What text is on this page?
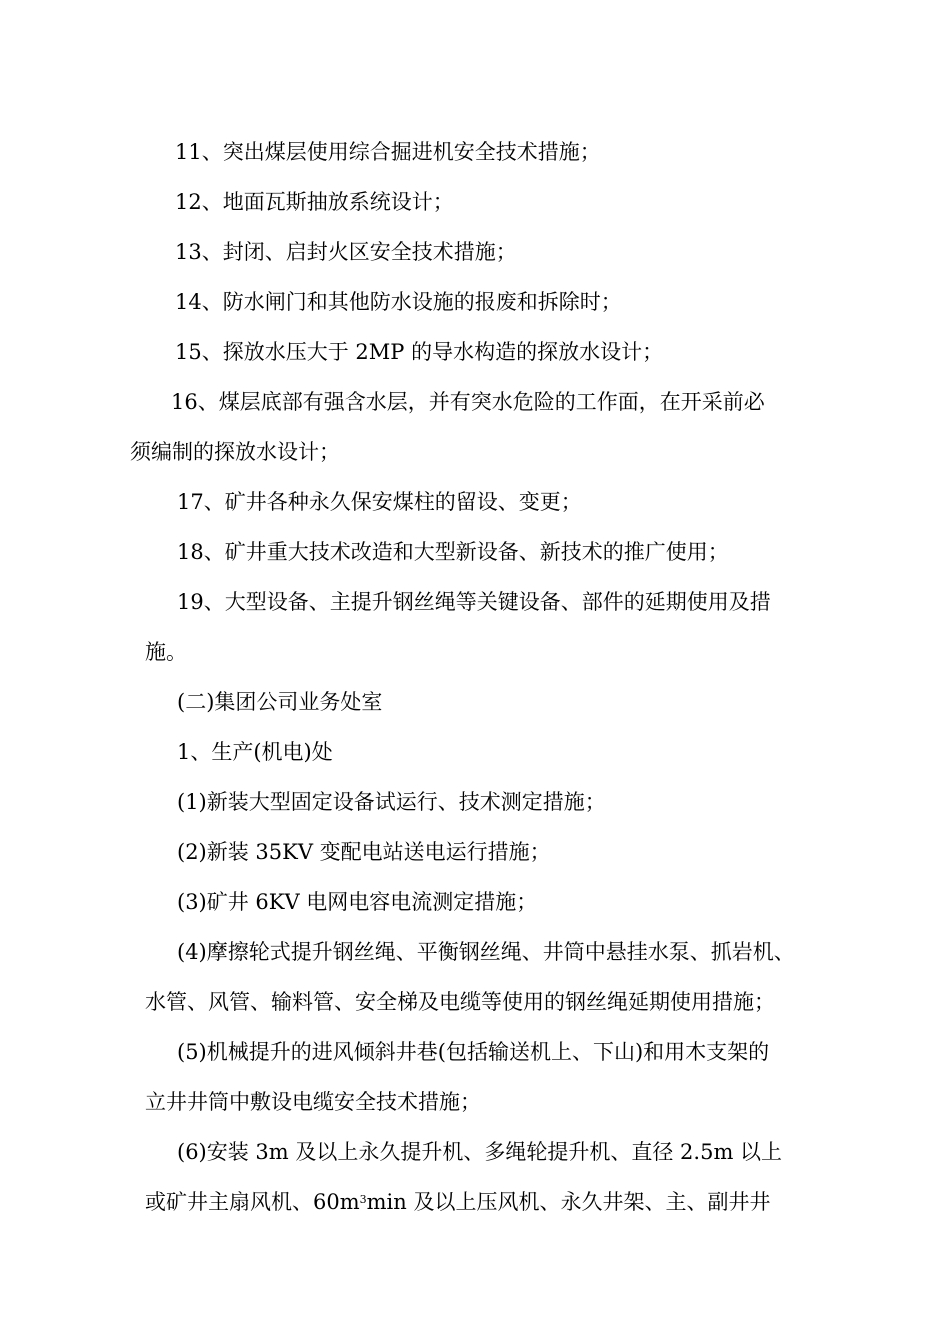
11、突出煤层使用综合掘进机安全技术措施；
12、地面瓦斯抽放系统设计；
13、封闭、启封火区安全技术措施；
14、防水闸门和其他防水设施的报废和拆除时；
15、探放水压大于 2MP 的导水构造的探放水设计；
16、煤层底部有强含水层，并有突水危险的工作面，在开采前必
须编制的探放水设计；
17、矿井各种永久保安煤柱的留设、变更；
18、矿井重大技术改造和大型新设备、新技术的推广使用；
19、大型设备、主提升钢丝绳等关键设备、部件的延期使用及措
施。
(二)集团公司业务处室
1、生产(机电)处
(1)新装大型固定设备试运行、技术测定措施；
(2)新装 35KV 变配电站送电运行措施；
(3)矿井 6KV 电网电容电流测定措施；
(4)摩擦轮式提升钢丝绳、平衡钢丝绳、井筒中悬挂水泵、抓岩机、
水管、风管、输料管、安全梯及电缆等使用的钢丝绳延期使用措施；
(5)机械提升的进风倾斜井巷(包括输送机上、下山)和用木支架的
立井井筒中敷设电缆安全技术措施；
(6)安装 3m 及以上永久提升机、多绳轮提升机、直径 2.5m 以上
或矿井主扇风机、$60m^3\min$ 及以上压风机、永久井架、主、副井井
